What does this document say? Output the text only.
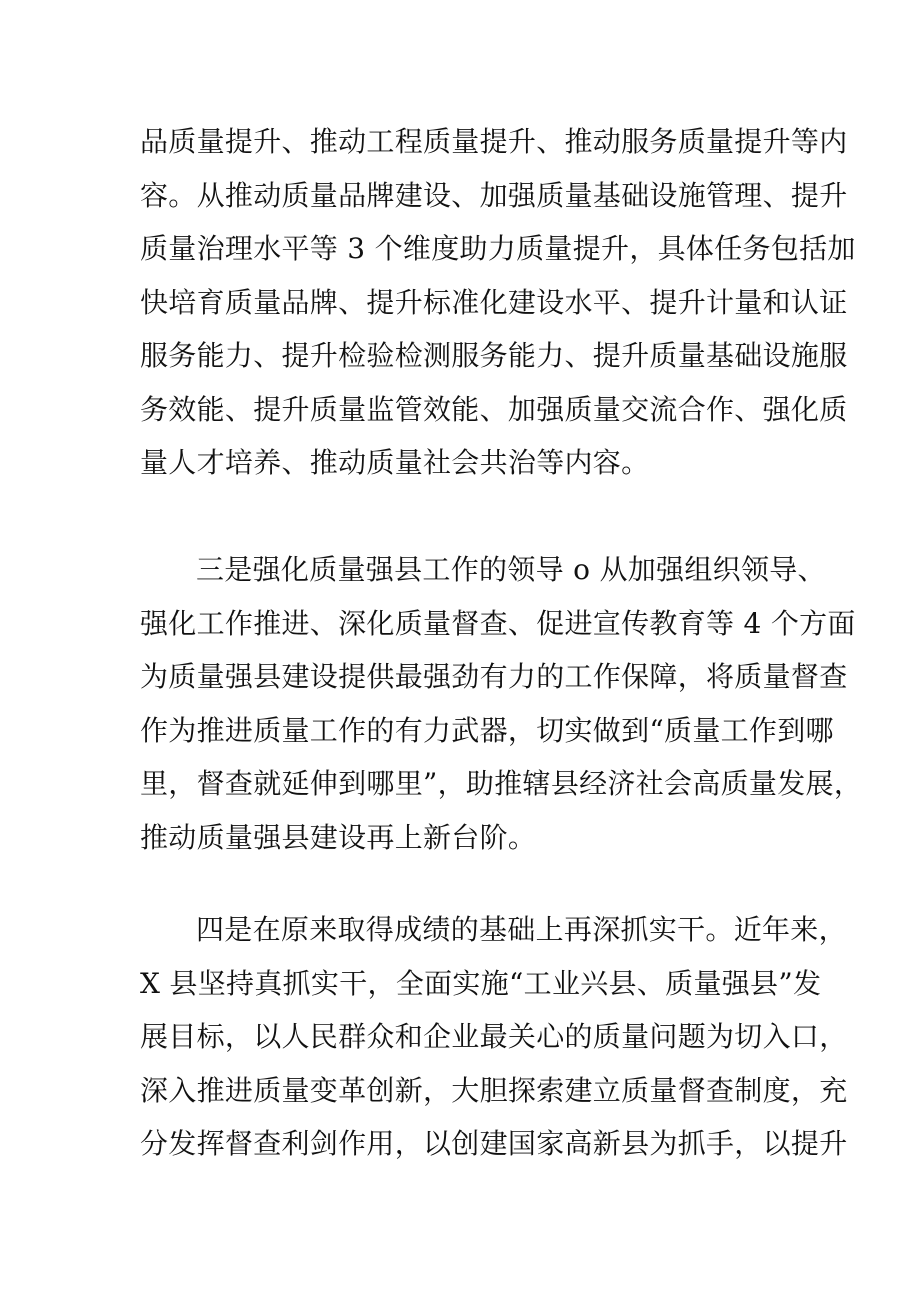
品质量提升、推动工程质量提升、推动服务质量提升等内
容。从推动质量品牌建设、加强质量基础设施管理、提升
质量治理水平等 3 个维度助力质量提升，具体任务包括加
快培育质量品牌、提升标准化建设水平、提升计量和认证
服务能力、提升检验检测服务能力、提升质量基础设施服
务效能、提升质量监管效能、加强质量交流合作、强化质
量人才培养、推动质量社会共治等内容。
三是强化质量强县工作的领导 o 从加强组织领导、
强化工作推进、深化质量督查、促进宣传教育等 4 个方面
为质量强县建设提供最强劲有力的工作保障，将质量督查
作为推进质量工作的有力武器，切实做到“质量工作到哪
里，督查就延伸到哪里”，助推辖县经济社会高质量发展，
推动质量强县建设再上新台阶。
四是在原来取得成绩的基础上再深抓实干。近年来，
X 县坚持真抓实干，全面实施“工业兴县、质量强县”发
展目标，以人民群众和企业最关心的质量问题为切入口，
深入推进质量变革创新，大胆探索建立质量督查制度，充
分发挥督查利剑作用，以创建国家高新县为抓手，以提升
